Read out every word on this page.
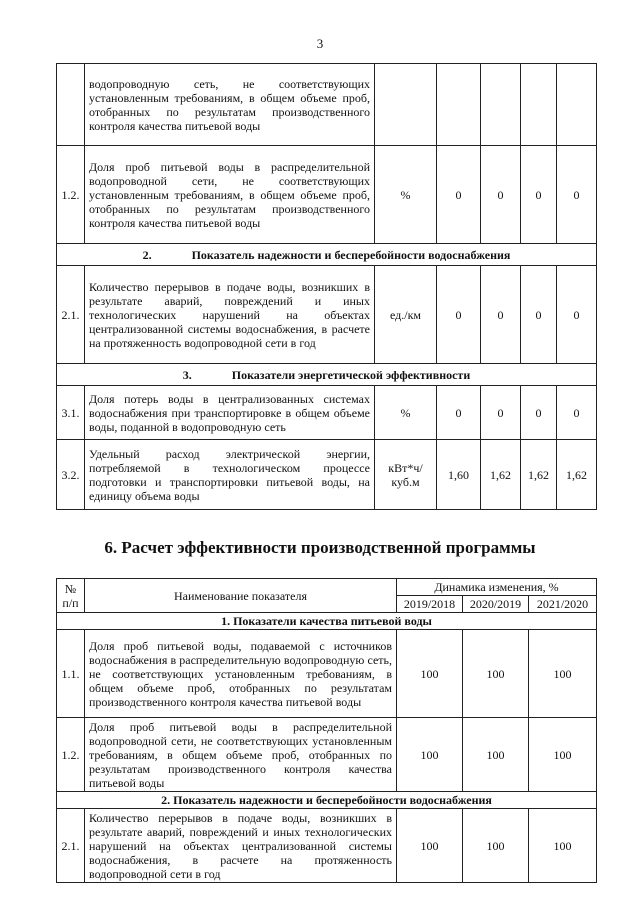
3
	водопроводную сеть, не соответствующих установленным требованиям, в общем объеме проб, отобранных по результатам производственного контроля качества питьевой воды					
1.2.	Доля проб питьевой воды в распределительной водопроводной сети, не соответствующих установленным требованиям, в общем объеме проб, отобранных по результатам производственного контроля качества питьевой воды	%	0	0	0	0
2. Показатель надежности и бесперебойности водоснабжения						
2.1.	Количество перерывов в подаче воды, возникших в результате аварий, повреждений и иных технологических нарушений на объектах централизованной системы водоснабжения, в расчете на протяженность водопроводной сети в год	ед./км	0	0	0	0
3. Показатели энергетической эффективности						
3.1.	Доля потерь воды в централизованных системах водоснабжения при транспортировке в общем объеме воды, поданной в водопроводную сеть	%	0	0	0	0
3.2.	Удельный расход электрической энергии, потребляемой в технологическом процессе подготовки и транспортировки питьевой воды, на единицу объема воды	кВт*ч/ куб.м	1,60	1,62	1,62	1,62
6. Расчет эффективности производственной программы
№ п/п	Наименование показателя	Динамика изменения, %		
		2019/2018	2020/2019	2021/2020
1. Показатели качества питьевой воды				
1.1.	Доля проб питьевой воды, подаваемой с источников водоснабжения в распределительную водопроводную сеть, не соответствующих установленным требованиям, в общем объеме проб, отобранных по результатам производственного контроля качества питьевой воды	100	100	100
1.2.	Доля проб питьевой воды в распределительной водопроводной сети, не соответствующих установленным требованиям, в общем объеме проб, отобранных по результатам производственного контроля качества питьевой воды	100	100	100
2. Показатель надежности и бесперебойности водоснабжения				
2.1.	Количество перерывов в подаче воды, возникших в результате аварий, повреждений и иных технологических нарушений на объектах централизованной системы водоснабжения, в расчете на протяженность водопроводной сети в год	100	100	100
